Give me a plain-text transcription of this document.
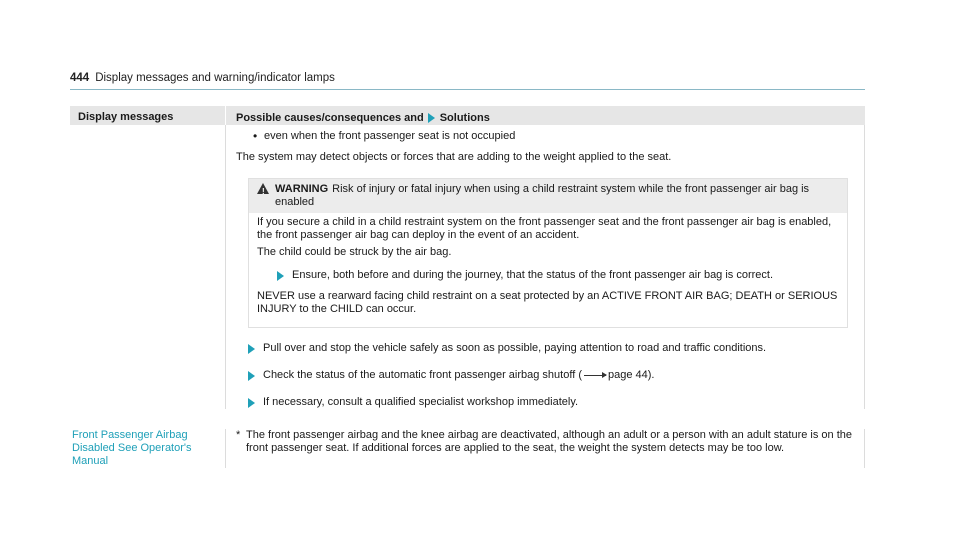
444 Display messages and warning/indicator lamps
Display messages	Possible causes/consequences and Solutions
• even when the front passenger seat is not occupied
The system may detect objects or forces that are adding to the weight applied to the seat.
! WARNING Risk of injury or fatal injury when using a child restraint system while the front passenger air bag is enabled

If you secure a child in a child restraint system on the front passenger seat and the front passenger air bag is enabled, the front passenger air bag can deploy in the event of an accident.

The child could be struck by the air bag.

Ensure, both before and during the journey, that the status of the front passenger air bag is correct.

NEVER use a rearward facing child restraint on a seat protected by an ACTIVE FRONT AIR BAG; DEATH or SERIOUS INJURY to the CHILD can occur.

Pull over and stop the vehicle safely as soon as possible, paying attention to road and traffic conditions.
Check the status of the automatic front passenger airbag shutoff ( page 44).
If necessary, consult a qualified specialist workshop immediately.
Front Passenger Airbag Disabled See Operator's Manual
* The front passenger airbag and the knee airbag are deactivated, although an adult or a person with an adult stature is on the front passenger seat. If additional forces are applied to the seat, the weight the system detects may be too low.
